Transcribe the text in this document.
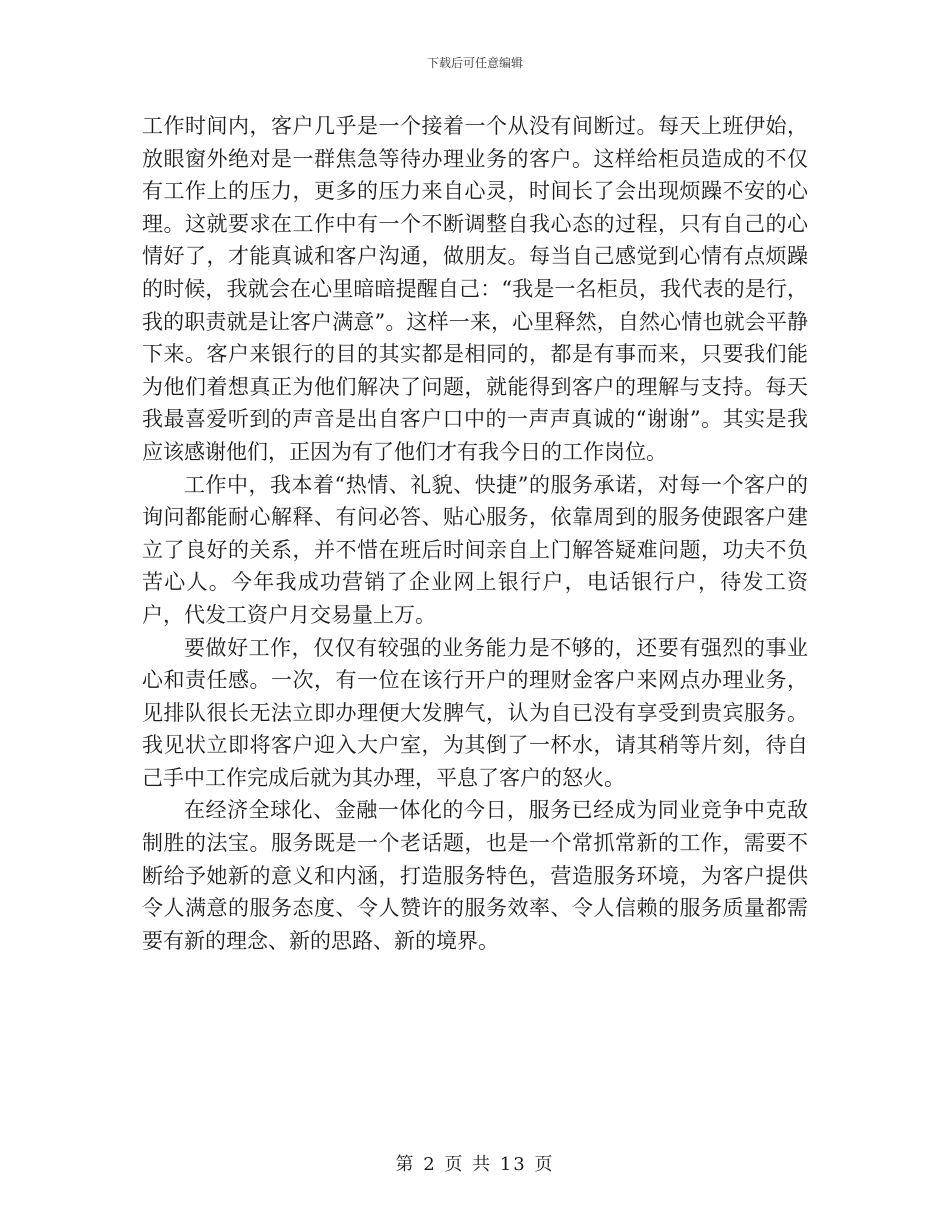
下载后可任意编辑

工作时间内，客户几乎是一个接着一个从没有间断过。每天上班伊始，放眼窗外绝对是一群焦急等待办理业务的客户。这样给柜员造成的不仅有工作上的压力，更多的压力来自心灵，时间长了会出现烦躁不安的心理。这就要求在工作中有一个不断调整自我心态的过程，只有自己的心情好了，才能真诚和客户沟通，做朋友。每当自己感觉到心情有点烦躁的时候，我就会在心里暗暗提醒自己：“我是一名柜员，我代表的是行，我的职责就是让客户满意”。这样一来，心里释然，自然心情也就会平静下来。客户来银行的目的其实都是相同的，都是有事而来，只要我们能为他们着想真正为他们解决了问题，就能得到客户的理解与支持。每天我最喜爱听到的声音是出自客户口中的一声声真诚的“谢谢”。其实是我应该感谢他们，正因为有了他们才有我今日的工作岗位。

工作中，我本着“热情、礼貌、快捷”的服务承诺，对每一个客户的询问都能耐心解释、有问必答、贴心服务，依靠周到的服务使跟客户建立了良好的关系，并不惜在班后时间亲自上门解答疑难问题，功夫不负苦心人。今年我成功营销了企业网上银行户，电话银行户，待发工资户，代发工资户月交易量上万。

要做好工作，仅仅有较强的业务能力是不够的，还要有强烈的事业心和责任感。一次，有一位在该行开户的理财金客户来网点办理业务，见排队很长无法立即办理便大发脾气，认为自已没有享受到贵宾服务。我见状立即将客户迎入大户室，为其倒了一杯水，请其稍等片刻，待自己手中工作完成后就为其办理，平息了客户的怒火。

在经济全球化、金融一体化的今日，服务已经成为同业竞争中克敌制胜的法宝。服务既是一个老话题，也是一个常抓常新的工作，需要不断给予她新的意义和内涵，打造服务特色，营造服务环境，为客户提供令人满意的服务态度、令人赞许的服务效率、令人信赖的服务质量都需要有新的理念、新的思路、新的境界。

第 2 页 共 13 页
